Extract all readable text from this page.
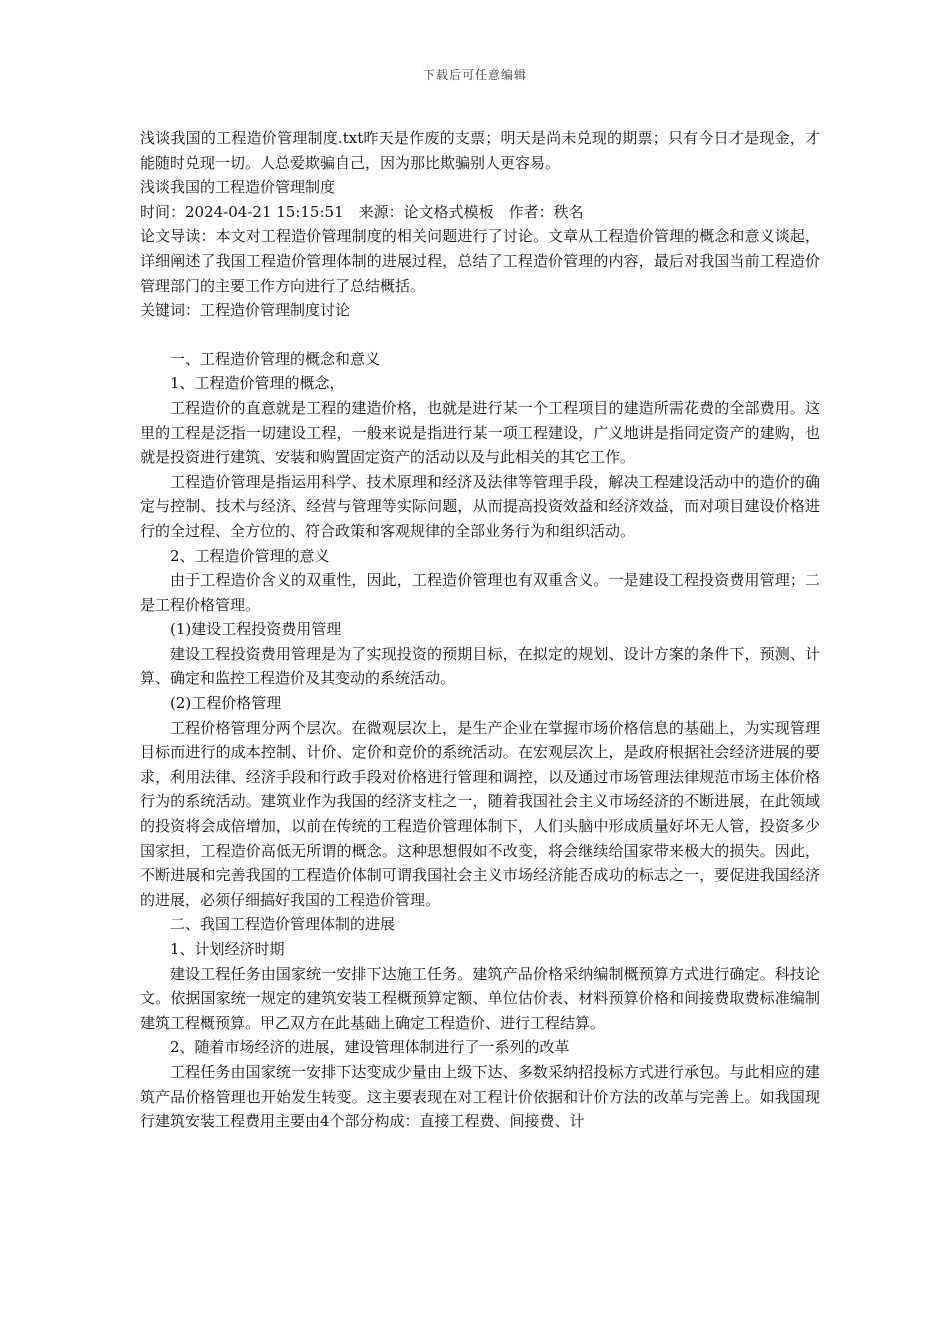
下载后可任意编辑

浅谈我国的工程造价管理制度.txt昨天是作废的支票；明天是尚未兑现的期票；只有今日才是现金，才能随时兑现一切。人总爱欺骗自己，因为那比欺骗别人更容易。

浅谈我国的工程造价管理制度

时间：2024-04-21 15:15:51　来源：论文格式模板　作者：秩名

论文导读：本文对工程造价管理制度的相关问题进行了讨论。文章从工程造价管理的概念和意义谈起，详细阐述了我国工程造价管理体制的进展过程，总结了工程造价管理的内容，最后对我国当前工程造价管理部门的主要工作方向进行了总结概括。

关键词：工程造价管理制度讨论

一、工程造价管理的概念和意义

1、工程造价管理的概念，

工程造价的直意就是工程的建造价格，也就是进行某一个工程项目的建造所需花费的全部费用。这里的工程是泛指一切建设工程，一般来说是指进行某一项工程建设，广义地讲是指同定资产的建购，也就是投资进行建筑、安装和购置固定资产的活动以及与此相关的其它工作。

工程造价管理是指运用科学、技术原理和经济及法律等管理手段，解决工程建设活动中的造价的确定与控制、技术与经济、经营与管理等实际问题，从而提高投资效益和经济效益，而对项目建设价格进行的全过程、全方位的、符合政策和客观规律的全部业务行为和组织活动。

2、工程造价管理的意义

由于工程造价含义的双重性，因此，工程造价管理也有双重含义。一是建设工程投资费用管理；二是工程价格管理。

(1)建设工程投资费用管理

建设工程投资费用管理是为了实现投资的预期目标，在拟定的规划、设计方案的条件下，预测、计算、确定和监控工程造价及其变动的系统活动。

(2)工程价格管理

工程价格管理分两个层次。在微观层次上，是生产企业在掌握市场价格信息的基础上，为实现管理目标而进行的成本控制、计价、定价和竞价的系统活动。在宏观层次上，是政府根据社会经济进展的要求，利用法律、经济手段和行政手段对价格进行管理和调控，以及通过市场管理法律规范市场主体价格行为的系统活动。建筑业作为我国的经济支柱之一，随着我国社会主义市场经济的不断进展，在此领域的投资将会成倍增加，以前在传统的工程造价管理体制下，人们头脑中形成质量好坏无人管，投资多少国家担，工程造价高低无所谓的概念。这种思想假如不改变，将会继续给国家带来极大的损失。因此，不断进展和完善我国的工程造价体制可谓我国社会主义市场经济能否成功的标志之一，要促进我国经济的进展，必须仔细搞好我国的工程造价管理。

二、我国工程造价管理体制的进展

1、计划经济时期

建设工程任务由国家统一安排下达施工任务。建筑产品价格采纳编制概预算方式进行确定。科技论文。依据国家统一规定的建筑安装工程概预算定额、单位估价表、材料预算价格和间接费取费标准编制建筑工程概预算。甲乙双方在此基础上确定工程造价、进行工程结算。

2、随着市场经济的进展，建设管理体制进行了一系列的改革

工程任务由国家统一安排下达变成少量由上级下达、多数采纳招投标方式进行承包。与此相应的建筑产品价格管理也开始发生转变。这主要表现在对工程计价依据和计价方法的改革与完善上。如我国现行建筑安装工程费用主要由4个部分构成：直接工程费、间接费、计
